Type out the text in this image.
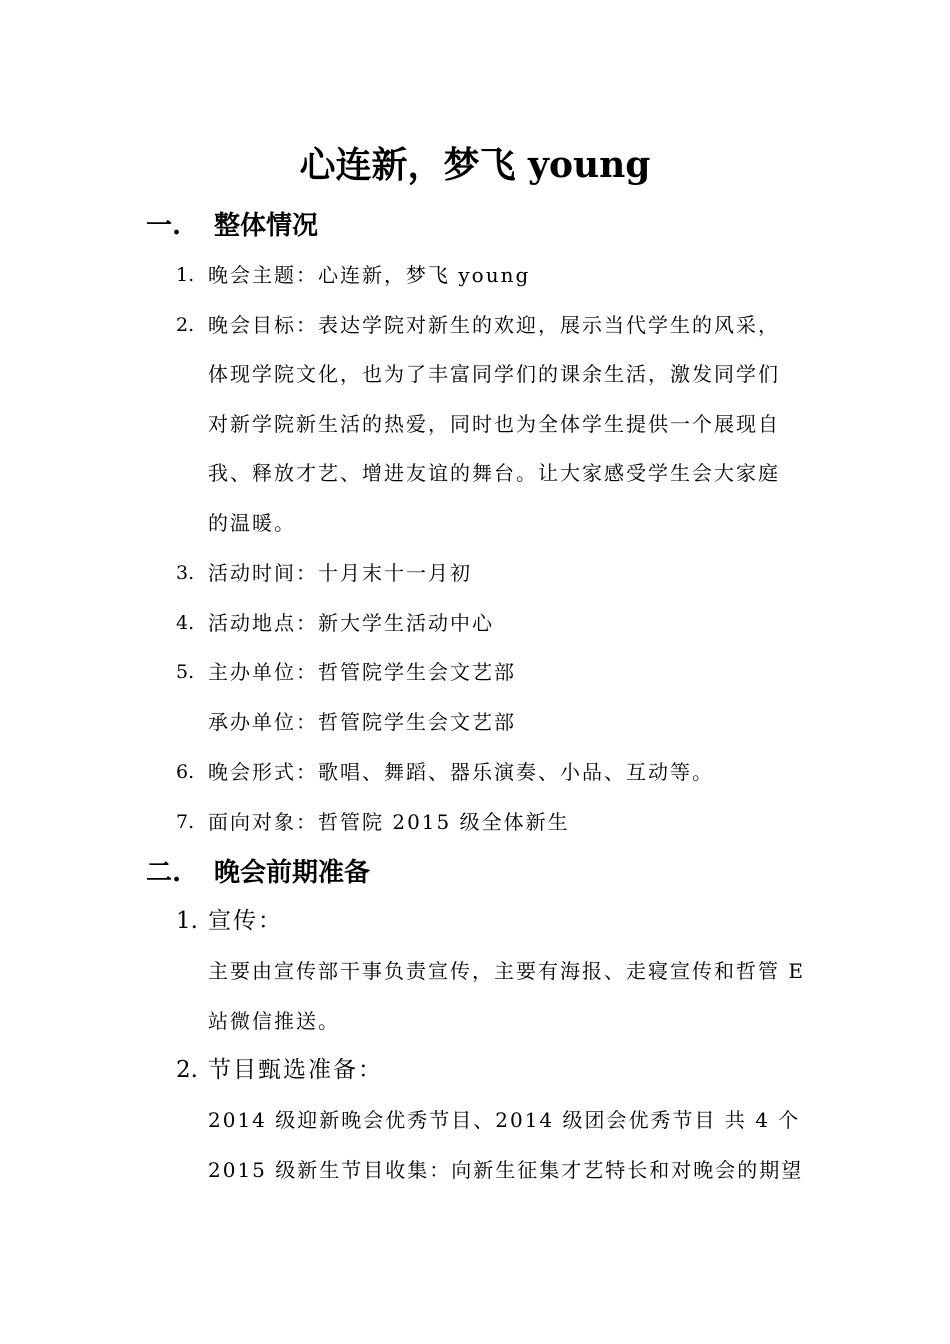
心连新，梦飞 young
一. 整体情况
1. 晚会主题：心连新，梦飞 young
2. 晚会目标：表达学院对新生的欢迎，展示当代学生的风采，
体现学院文化，也为了丰富同学们的课余生活，激发同学们
对新学院新生活的热爱，同时也为全体学生提供一个展现自
我、释放才艺、增进友谊的舞台。让大家感受学生会大家庭
的温暖。
3. 活动时间：十月末十一月初
4. 活动地点：新大学生活动中心
5. 主办单位：哲管院学生会文艺部
承办单位：哲管院学生会文艺部
6. 晚会形式：歌唱、舞蹈、器乐演奏、小品、互动等。
7. 面向对象：哲管院 2015 级全体新生
二. 晚会前期准备
1. 宣传：
主要由宣传部干事负责宣传，主要有海报、走寝宣传和哲管 E
站微信推送。
2. 节目甄选准备：
2014 级迎新晚会优秀节目、2014 级团会优秀节目 共 4 个
2015 级新生节目收集：向新生征集才艺特长和对晚会的期望
